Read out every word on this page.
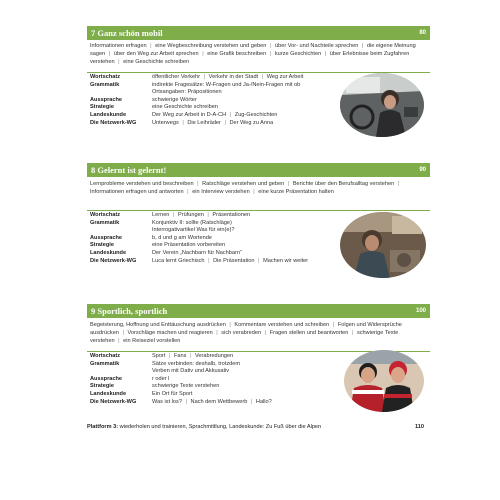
7 Ganz schön mobil	80
Informationen erfragen | eine Wegbeschreibung verstehen und geben | über Vor- und Nachteile sprechen | die eigene Meinung sagen | über den Weg zur Arbeit sprechen | eine Grafik beschreiben | kurze Geschichten | über Erlebnisse beim Zugfahren verstehen | eine Geschichte schreiben
Wortschatz	öffentlicher Verkehr | Verkehr in der Stadt | Weg zur Arbeit
Grammatik	indirekte Fragesätze: W-Fragen und Ja-/Nein-Fragen mit ob
Ortsangaben: Präpositionen
Aussprache	schwierige Wörter
Strategie	eine Geschichte schreiben
Landeskunde	Der Weg zur Arbeit in D-A-CH | Zug-Geschichten
Die Netzwerk-WG	Unterwegs | Die Leihräder | Der Weg zu Anna
8 Gelernt ist gelernt!	90
Lernprobleme verstehen und beschreiben | Ratschläge verstehen und geben | Berichte über den Berufsalltag verstehen | Informationen erfragen und antworten | ein Interview verstehen | eine kurze Präsentation halten
Wortschatz	Lernen | Prüfungen | Präsentationen
Grammatik	Konjunktiv II: sollte (Ratschläge)
Interrogativartikel Was für ein(e)?
Aussprache	b, d und g am Wortende
Strategie	eine Präsentation vorbereiten
Landeskunde	Der Verein „Nachbarn für Nachbarn“
Die Netzwerk-WG	Luca lernt Griechisch | Die Präsentation | Machen wir weiter
9 Sportlich, sportlich	100
Begeisterung, Hoffnung und Enttäuschung ausdrücken | Kommentare verstehen und schreiben | Folgen und Widersprüche ausdrücken | Vorschläge machen und reagieren | sich verabreden | Fragen stellen und beantworten | schwierige Texte verstehen | ein Reiseziel vorstellen
Wortschatz	Sport | Fans | Verabredungen
Grammatik	Sätze verbinden: deshalb, trotzdem
Verben mit Dativ und Akkusativ
Aussprache	r oder l
Strategie	schwierige Texte verstehen
Landeskunde	Ein Ort für Sport
Die Netzwerk-WG	Was ist los? | Nach dem Wettbewerb | Hallo?
Plattform 3: wiederholen und trainieren, Sprachmittlung, Landeskunde: Zu Fuß über die Alpen	110
